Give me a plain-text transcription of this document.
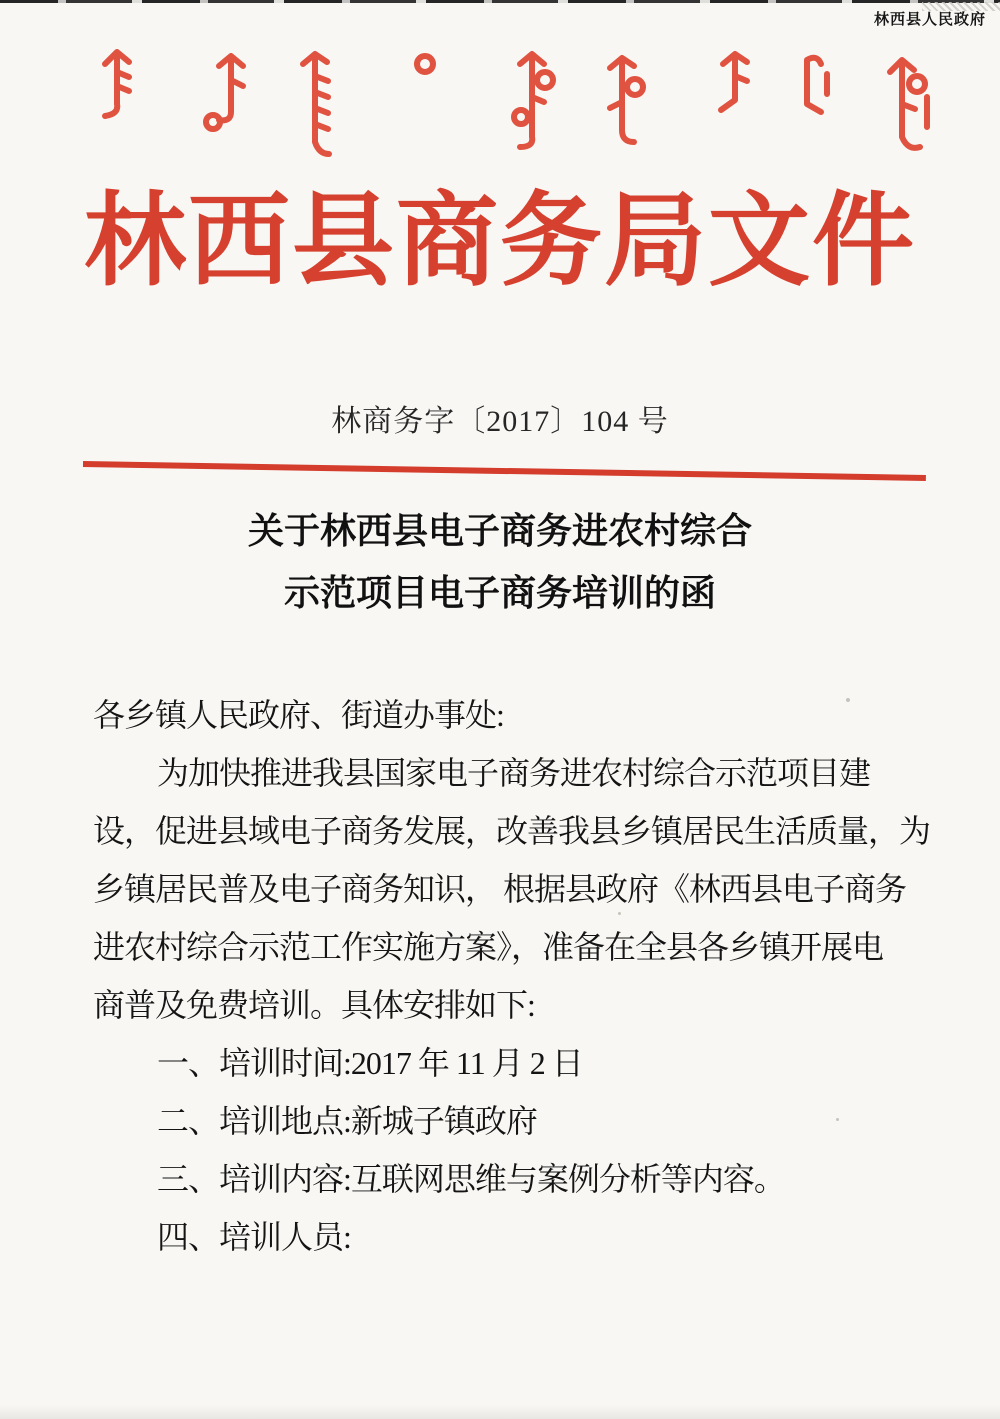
林西县人民政府
林西县商务局文件
林商务字〔2017〕104 号
关于林西县电子商务进农村综合
示范项目电子商务培训的函
各乡镇人民政府、街道办事处:
为加快推进我县国家电子商务进农村综合示范项目建
设，促进县域电子商务发展，改善我县乡镇居民生活质量，为
乡镇居民普及电子商务知识， 根据县政府《林西县电子商务
进农村综合示范工作实施方案》，准备在全县各乡镇开展电
商普及免费培训。具体安排如下:
一、培训时间:2017 年 11 月 2 日
二、培训地点:新城子镇政府
三、培训内容:互联网思维与案例分析等内容。
四、培训人员:
